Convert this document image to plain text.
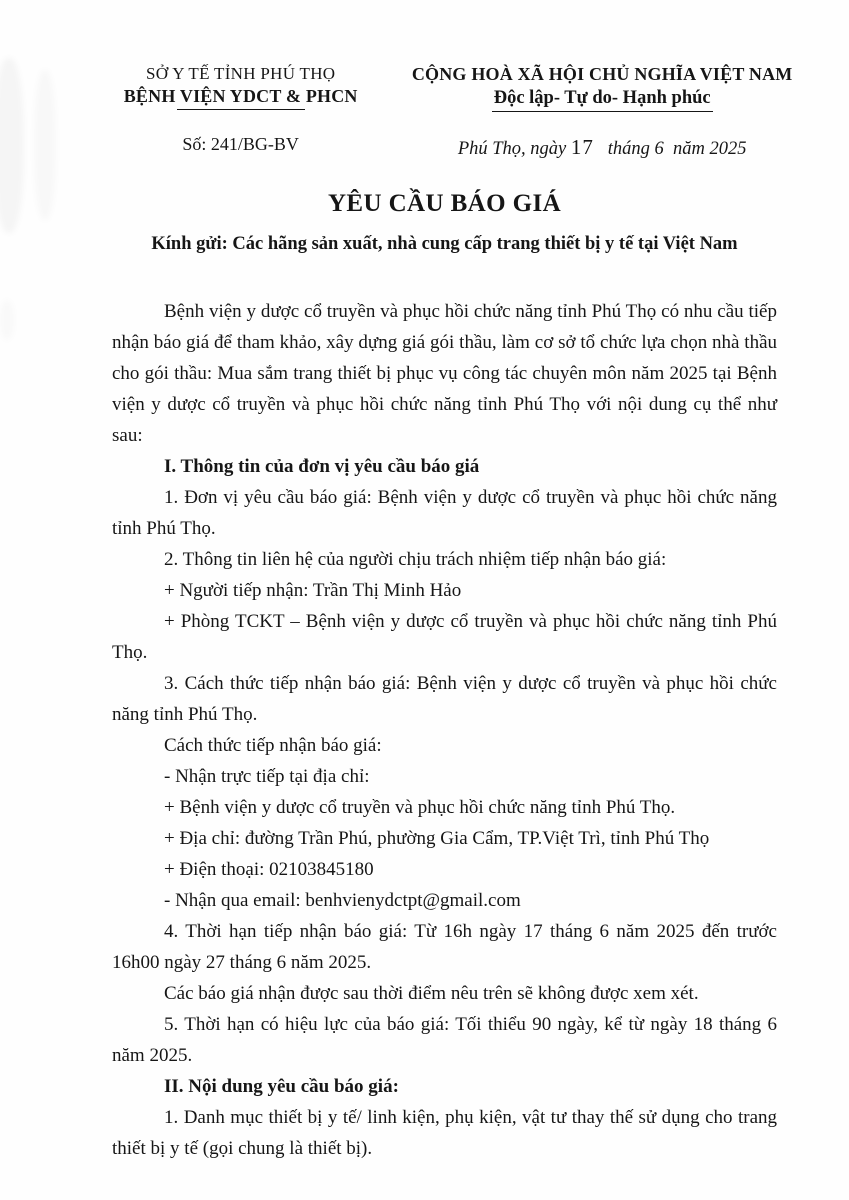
SỞ Y TẾ TỈNH PHÚ THỌ
BỆNH VIỆN YDCT & PHCN
Số: 241/BG-BV
CỘNG HOÀ XÃ HỘI CHỦ NGHĨA VIỆT NAM
Độc lập- Tự do- Hạnh phúc
Phú Thọ, ngày 17   tháng 6  năm 2025
YÊU CẦU BÁO GIÁ
Kính gửi: Các hãng sản xuất, nhà cung cấp trang thiết bị y tế tại Việt Nam

Bệnh viện y dược cổ truyền và phục hồi chức năng tỉnh Phú Thọ có nhu cầu tiếp nhận báo giá để tham khảo, xây dựng giá gói thầu, làm cơ sở tổ chức lựa chọn nhà thầu cho gói thầu: Mua sắm trang thiết bị phục vụ công tác chuyên môn năm 2025 tại Bệnh viện y dược cổ truyền và phục hồi chức năng tỉnh Phú Thọ với nội dung cụ thể như sau:

I. Thông tin của đơn vị yêu cầu báo giá

1. Đơn vị yêu cầu báo giá: Bệnh viện y dược cổ truyền và phục hồi chức năng tỉnh Phú Thọ.

2. Thông tin liên hệ của người chịu trách nhiệm tiếp nhận báo giá:

+ Người tiếp nhận: Trần Thị Minh Hảo

+ Phòng TCKT – Bệnh viện y dược cổ truyền và phục hồi chức năng tỉnh Phú Thọ.

3. Cách thức tiếp nhận báo giá: Bệnh viện y dược cổ truyền và phục hồi chức năng tỉnh Phú Thọ.

Cách thức tiếp nhận báo giá:

- Nhận trực tiếp tại địa chỉ:

+ Bệnh viện y dược cổ truyền và phục hồi chức năng tỉnh Phú Thọ.

+ Địa chỉ: đường Trần Phú, phường Gia Cẩm, TP.Việt Trì, tỉnh Phú Thọ

+ Điện thoại: 02103845180

- Nhận qua email: benhvienydctpt@gmail.com

4. Thời hạn tiếp nhận báo giá: Từ 16h ngày 17 tháng 6 năm 2025 đến trước 16h00 ngày 27 tháng 6 năm 2025.

Các báo giá nhận được sau thời điểm nêu trên sẽ không được xem xét.

5. Thời hạn có hiệu lực của báo giá: Tối thiểu 90 ngày, kể từ ngày 18 tháng 6 năm 2025.

II. Nội dung yêu cầu báo giá:

1. Danh mục thiết bị y tế/ linh kiện, phụ kiện, vật tư thay thế sử dụng cho trang thiết bị y tế (gọi chung là thiết bị).
